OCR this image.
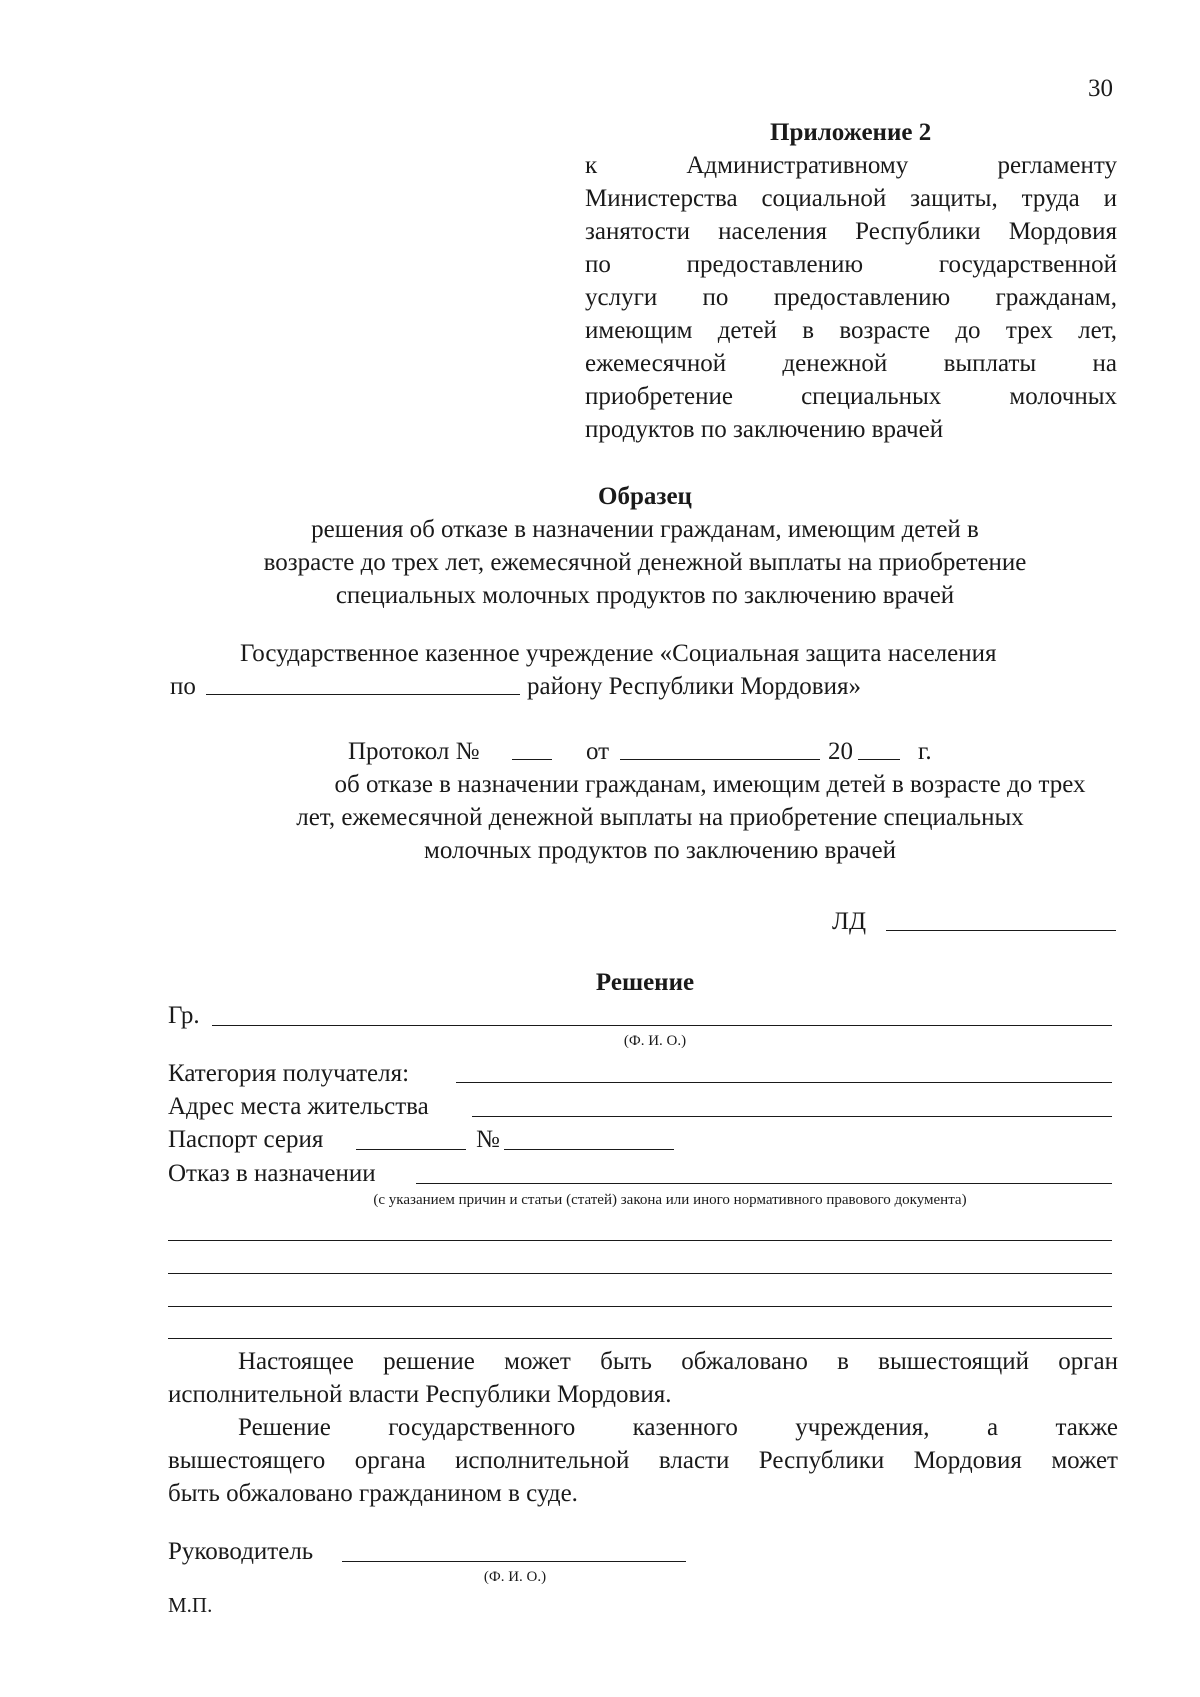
30
Приложение 2
к Административному регламенту
Министерства социальной защиты, труда и
занятости населения Республики Мордовия
по предоставлению государственной
услуги по предоставлению гражданам,
имеющим детей в возрасте до трех лет,
ежемесячной денежной выплаты на
приобретение специальных молочных
продуктов по заключению врачей
Образец
решения об отказе в назначении гражданам, имеющим детей в
возрасте до трех лет, ежемесячной денежной выплаты на приобретение
специальных молочных продуктов по заключению врачей
Государственное казенное учреждение «Социальная защита населения
по	району Республики Мордовия»
Протокол №	от	20	г.
об отказе в назначении гражданам, имеющим детей в возрасте до трех
лет, ежемесячной денежной выплаты на приобретение специальных
молочных продуктов по заключению врачей
ЛД
Решение
Гр.
(Ф. И. О.)
Категория получателя:
Адрес места жительства
Паспорт серия	№
Отказ в назначении
(с указанием причин и статьи (статей) закона или иного нормативного правового документа)
Настоящее решение может быть обжаловано в вышестоящий орган
исполнительной власти Республики Мордовия.
Решение государственного казенного учреждения, а также
вышестоящего органа исполнительной власти Республики Мордовия может
быть обжаловано гражданином в суде.
Руководитель
(Ф. И. О.)
М.П.
